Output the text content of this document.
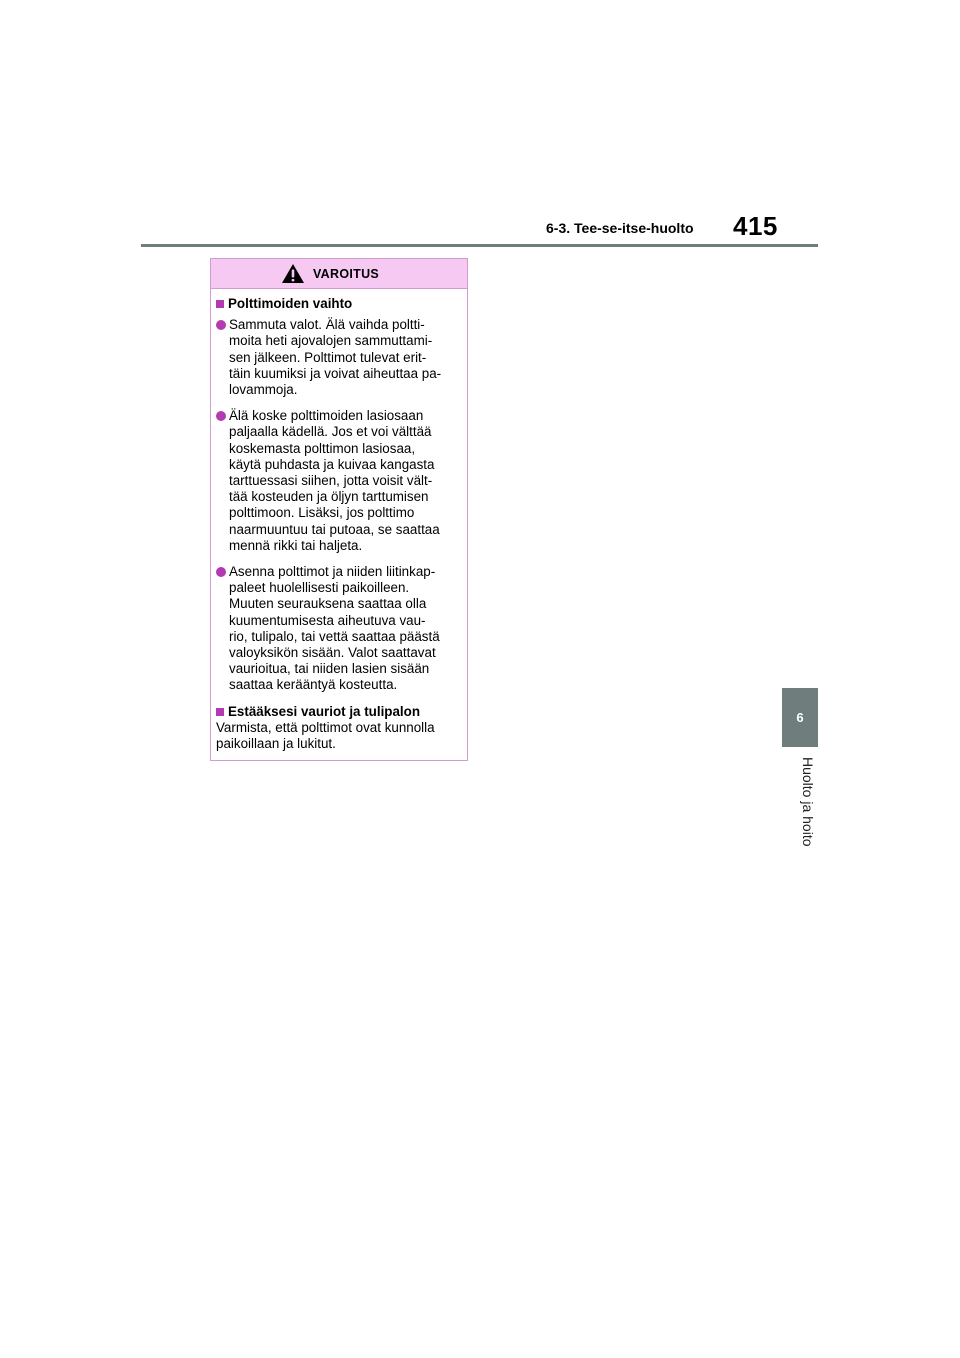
6-3. Tee-se-itse-huolto 415
6
Huolto ja hoito
VAROITUS
Polttimoiden vaihto
Sammuta valot. Älä vaihda poltti-
moita heti ajovalojen sammuttami-
sen jälkeen. Polttimot tulevat erit-
täin kuumiksi ja voivat aiheuttaa pa-
lovammoja.
Älä koske polttimoiden lasiosaan
paljaalla kädellä. Jos et voi välttää
koskemasta polttimon lasiosaa,
käytä puhdasta ja kuivaa kangasta
tarttuessasi siihen, jotta voisit vält-
tää kosteuden ja öljyn tarttumisen
polttimoon. Lisäksi, jos polttimo
naarmuuntuu tai putoaa, se saattaa
mennä rikki tai haljeta.
Asenna polttimot ja niiden liitinkap-
paleet huolellisesti paikoilleen.
Muuten seurauksena saattaa olla
kuumentumisesta aiheutuva vau-
rio, tulipalo, tai vettä saattaa päästä
valoyksikön sisään. Valot saattavat
vaurioitua, tai niiden lasien sisään
saattaa kerääntyä kosteutta.
Estääksesi vauriot ja tulipalon
Varmista, että polttimot ovat kunnolla
paikoillaan ja lukitut.
